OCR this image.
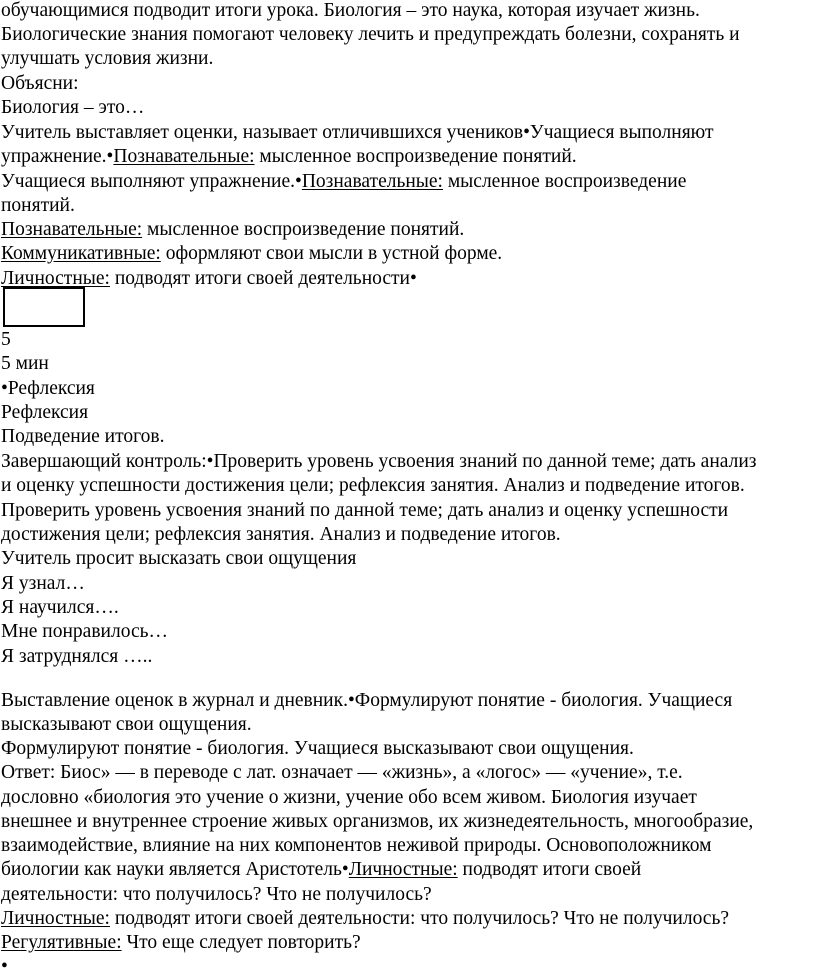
обучающимися подводит итоги урока. Биология – это наука, которая изучает жизнь.
Биологические знания помогают человеку лечить и предупреждать болезни, сохранять и
улучшать условия жизни.
Объясни:
Биология – это…
Учитель выставляет оценки, называет отличившихся учеников•Учащиеся выполняют
упражнение.•Познавательные: мысленное воспроизведение понятий.
Учащиеся выполняют упражнение.•Познавательные: мысленное воспроизведение
понятий.
Познавательные: мысленное воспроизведение понятий.
Коммуникативные: оформляют свои мысли в устной форме.
Личностные: подводят итоги своей деятельности•
5
5 мин
•Рефлексия
Рефлексия
Подведение итогов.
Завершающий контроль:•Проверить уровень усвоения знаний по данной теме; дать анализ
и оценку успешности достижения цели; рефлексия занятия. Анализ и подведение итогов.
Проверить уровень усвоения знаний по данной теме; дать анализ и оценку успешности
достижения цели; рефлексия занятия. Анализ и подведение итогов.
Учитель просит высказать свои ощущения
Я узнал…
Я научился….
Мне понравилось…
Я затруднялся …..
Выставление оценок в журнал и дневник.•Формулируют понятие - биология. Учащиеся
высказывают свои ощущения.
Формулируют понятие - биология. Учащиеся высказывают свои ощущения.
Ответ: Биос» — в переводе с лат. означает — «жизнь», а «логос» — «учение», т.е.
дословно «биология это учение о жизни, учение обо всем живом. Биология изучает
внешнее и внутреннее строение живых организмов, их жизнедеятельность, многообразие,
взаимодействие, влияние на них компонентов неживой природы. Основоположником
биологии как науки является Аристотель•Личностные: подводят итоги своей
деятельности: что получилось? Что не получилось?
Личностные: подводят итоги своей деятельности: что получилось? Что не получилось?
Регулятивные: Что еще следует повторить?
•
